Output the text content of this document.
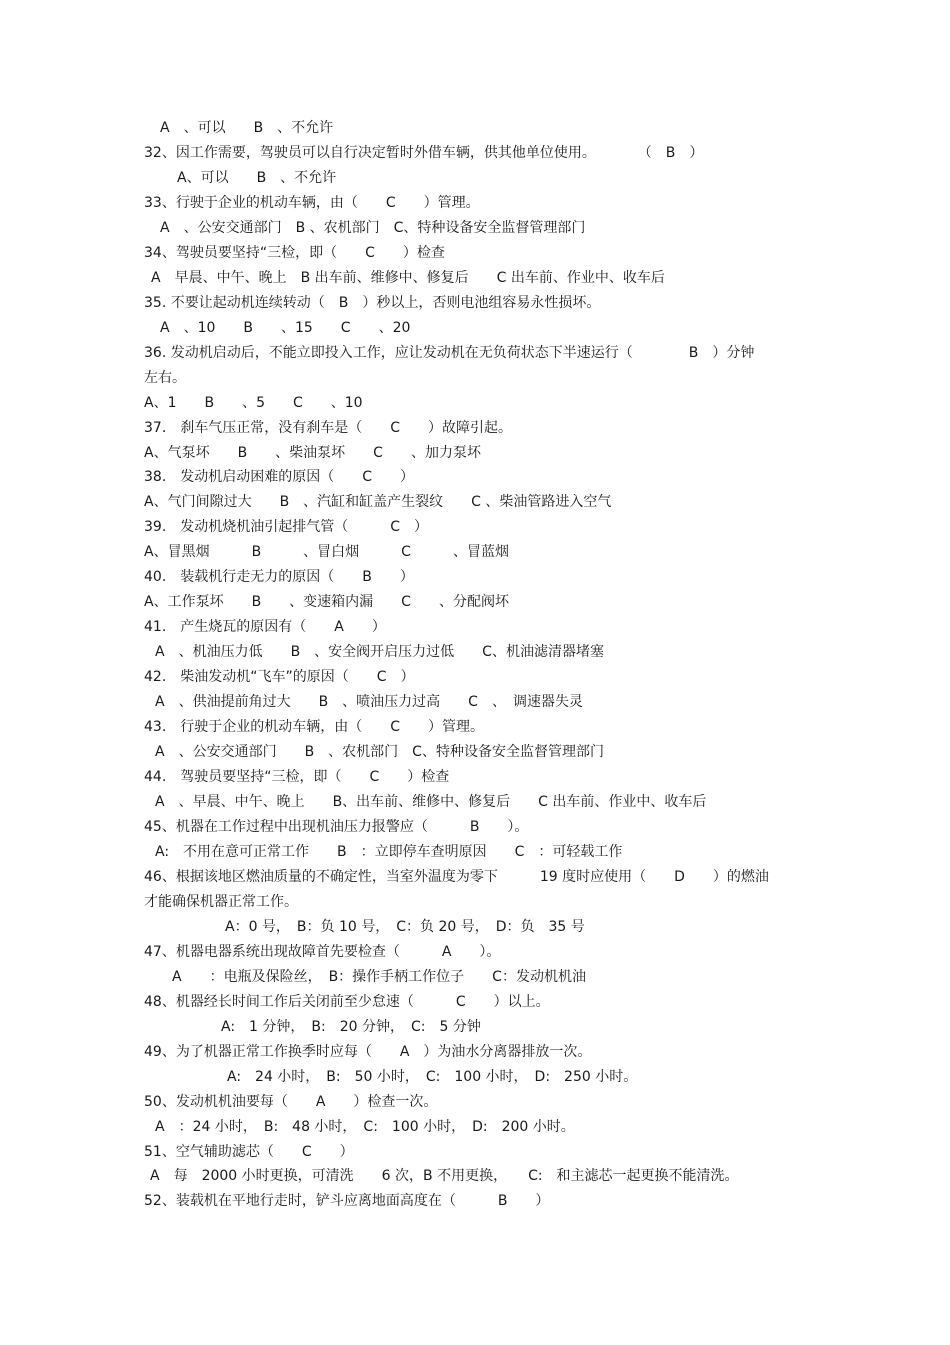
A　、可以　　B　、不允许
32、因工作需要，驾驶员可以自行决定暂时外借车辆，供其他单位使用。　　　　（　B　）
A、可以　　B　、不允许
33、行驶于企业的机动车辆，由（　　C　　）管理。
A　、公安交通部门　B 、农机部门　C、特种设备安全监督管理部门
34、驾驶员要坚持“三检，即（　　C　　）检查
A　早晨、中午、晚上　B 出车前、维修中、修复后　　C 出车前、作业中、收车后
35. 不要让起动机连续转动（　B　）秒以上，否则电池组容易永性损坏。
A　、10　　B　　、15　　C　　、20
36. 发动机启动后，不能立即投入工作，应让发动机在无负荷状态下半速运行（　　　　B　）分钟
左右。
A、1　　B　　、5　　C　　、10
37.　刹车气压正常，没有刹车是（　　C　　）故障引起。
A、气泵坏　　B　　、柴油泵坏　　C　　、加力泵坏
38.　发动机启动困难的原因（　　C　　）
A、气门间隙过大　　B　、汽缸和缸盖产生裂纹　　C 、柴油管路进入空气
39.　发动机烧机油引起排气管（　　　C　）
A、冒黑烟　　　B　　　、冒白烟　　　C　　　、冒蓝烟
40.　装载机行走无力的原因（　　B　　）
A、工作泵坏　　B　　、变速箱内漏　　C　　、分配阀坏
41.　产生烧瓦的原因有（　　A　　）
A　、机油压力低　　B　、安全阀开启压力过低　　C、机油滤清器堵塞
42.　柴油发动机“飞车”的原因（　　C　）
A　、供油提前角过大　　B　、喷油压力过高　　C　、　调速器失灵
43.　行驶于企业的机动车辆，由（　　C　　）管理。
A　、公安交通部门　　B　、农机部门　C、特种设备安全监督管理部门
44.　驾驶员要坚持“三检，即（　　C　　）检查
A　、早晨、中午、晚上　　B、出车前、维修中、修复后　　C 出车前、作业中、收车后
45、机器在工作过程中出现机油压力报警应（　　　B　　）。
A:　不用在意可正常工作　　B　：立即停车查明原因　　C　：可轻载工作
46、根据该地区燃油质量的不确定性，当室外温度为零下　　　19 度时应使用（　　D　　）的燃油
才能确保机器正常工作。
A：0 号，　B：负 10 号，　C：负 20 号，　D：负　35 号
47、机器电器系统出现故障首先要检查（　　　A　　）。
A　　：电瓶及保险丝，　B：操作手柄工作位子　　C：发动机机油
48、机器经长时间工作后关闭前至少怠速（　　　C　　）以上。
A:　1 分钟，　B:　20 分钟，　C:　5 分钟
49、为了机器正常工作换季时应每（　　A　）为油水分离器排放一次。
A:　24 小时，　B:　50 小时，　C:　100 小时，　D:　250 小时。
50、发动机机油要每（　　A　　）检查一次。
A　：24 小时，　B:　48 小时，　C:　100 小时，　D:　200 小时。
51、空气辅助滤芯（　　C　　）
A　每　2000 小时更换，可清洗　　6 次，B 不用更换，　　C:　和主滤芯一起更换不能清洗。
52、装载机在平地行走时，铲斗应离地面高度在（　　　B　　）
